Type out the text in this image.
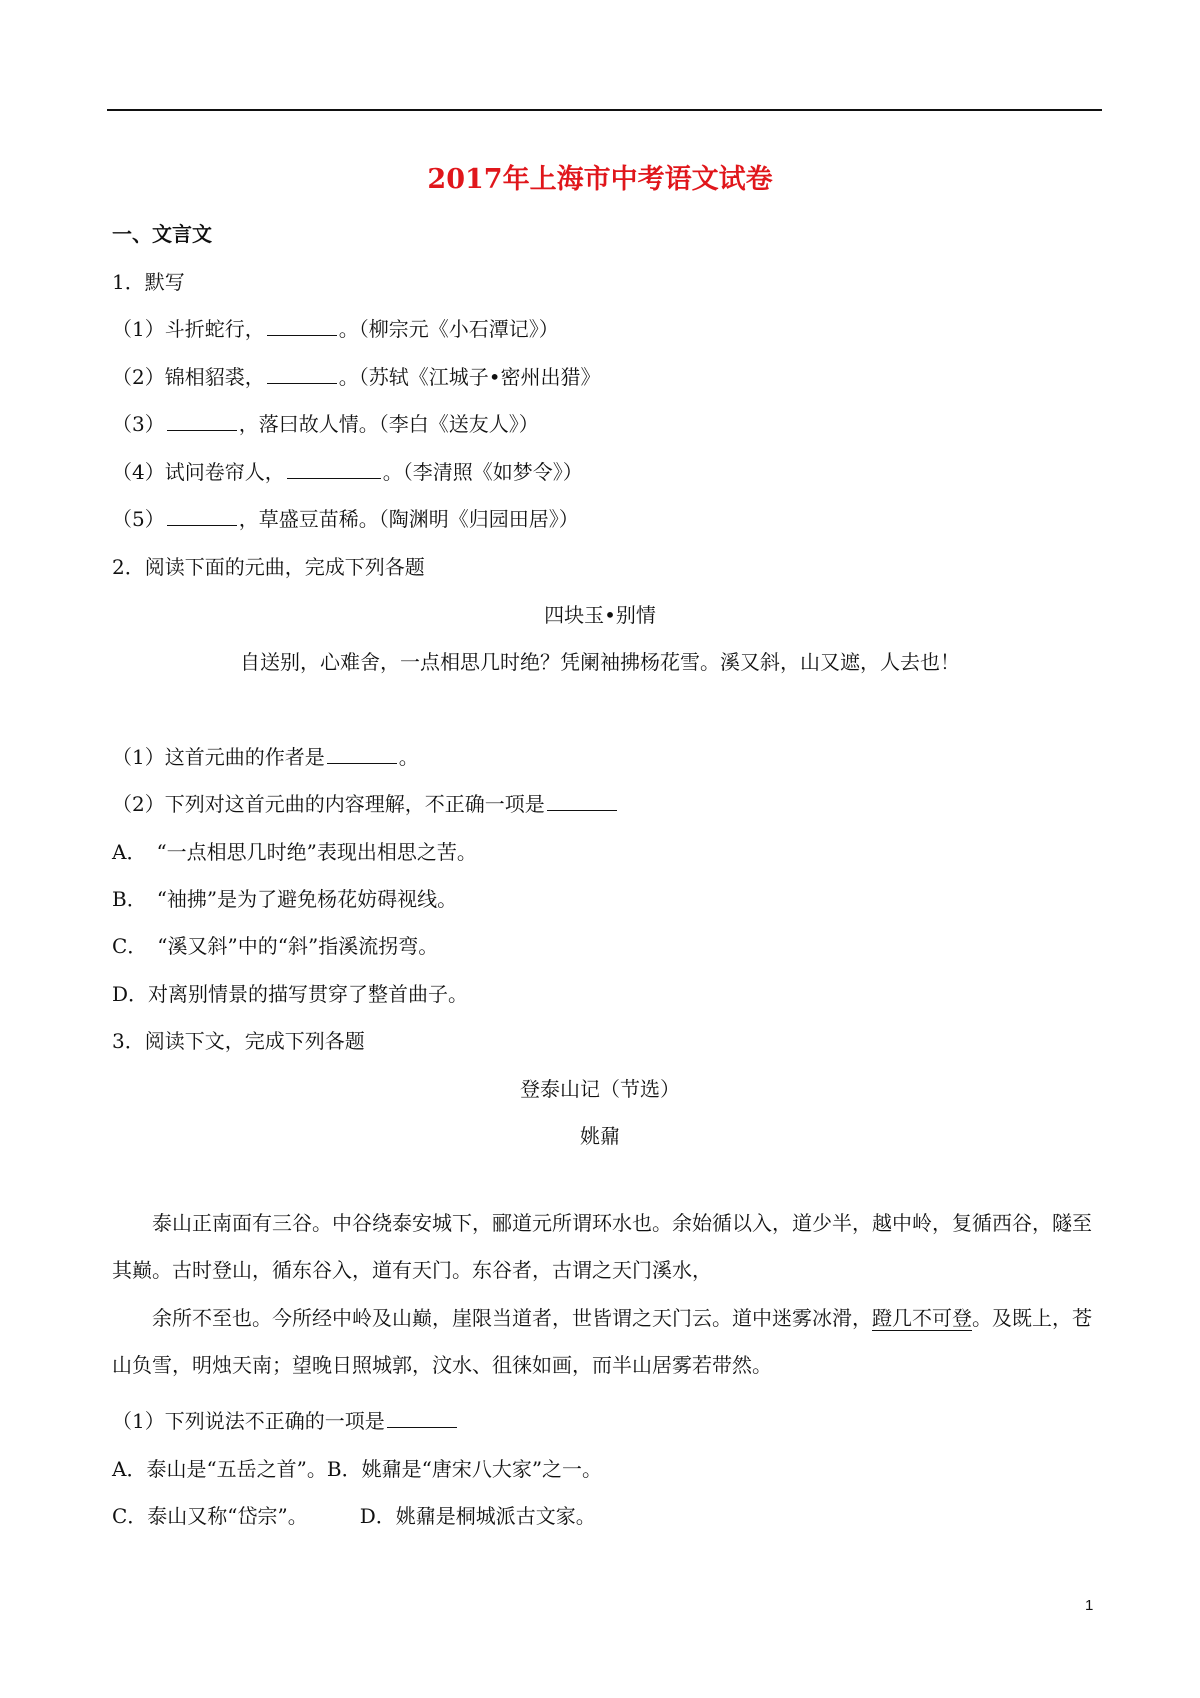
2017年上海市中考语文试卷
一、文言文
1．默写
（1）斗折蛇行，	。（柳宗元《小石潭记》）
（2）锦相貂裘，	。（苏轼《江城子•密州出猎》
（3）	，落曰故人情。（李白《送友人》）
（4）试问卷帘人，	。（李清照《如梦令》）
（5）	，草盛豆苗稀。（陶渊明《归园田居》）
2．阅读下面的元曲，完成下列各题
四块玉•别情
自送别，心难舍，一点相思几时绝？凭阑袖拂杨花雪。溪又斜，山又遮，人去也！
（1）这首元曲的作者是	。
（2）下列对这首元曲的内容理解，不正确一项是
A．　“一点相思几时绝”表现出相思之苦。
B．　“袖拂”是为了避免杨花妨碍视线。
C．　“溪又斜”中的“斜”指溪流拐弯。
D．对离别情景的描写贯穿了整首曲子。
3．阅读下文，完成下列各题
登泰山记（节选）
姚鼐
泰山正南面有三谷。中谷绕泰安城下，郦道元所谓环水也。余始循以入，道少半，越中岭，复循西谷，隧至其巅。古时登山，循东谷入，道有天门。东谷者，古谓之天门溪水，
余所不至也。今所经中岭及山巅，崖限当道者，世皆谓之天门云。道中迷雾冰滑，蹬几不可登。及既上，苍山负雪，明烛天南；望晚日照城郭，汶水、徂徕如画，而半山居雾若带然。
（1）下列说法不正确的一项是
A．泰山是“五岳之首”。B．姚鼐是“唐宋八大家”之一。
C．泰山又称“岱宗”。	D．姚鼐是桐城派古文家。
1
